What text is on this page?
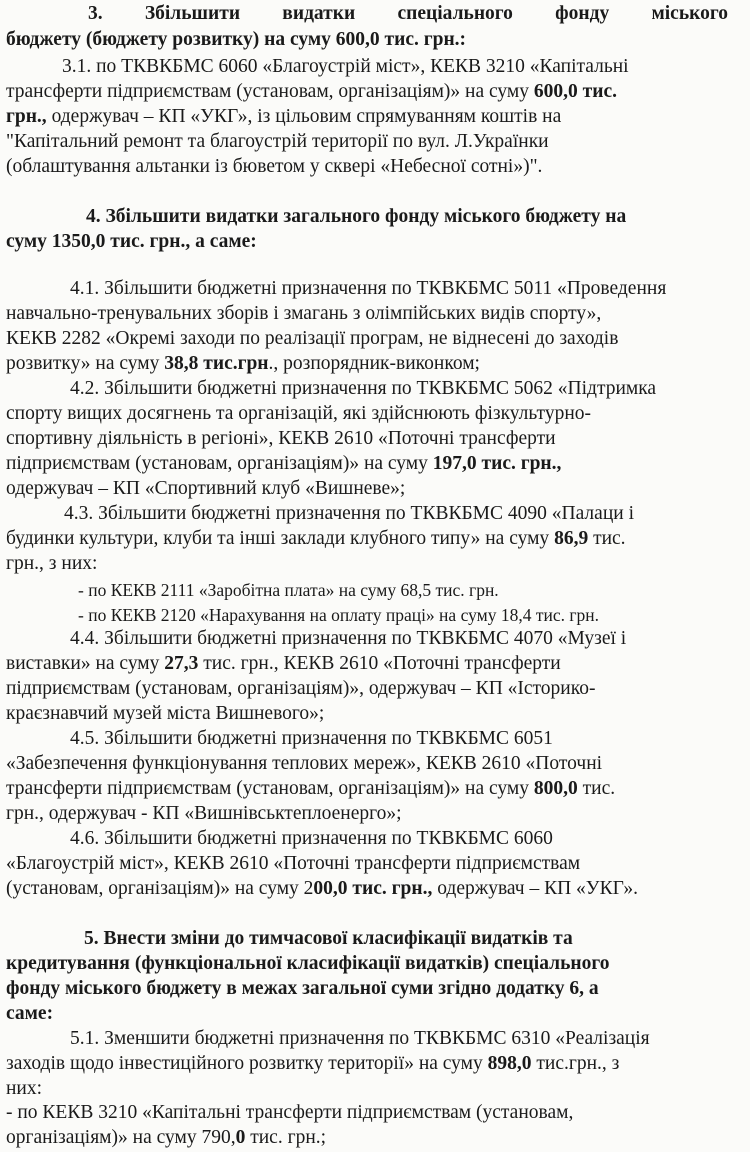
3. Збільшити видатки спеціального фонду міського
бюджету (бюджету розвитку) на суму 600,0 тис. грн.:
3.1. по ТКВКБМС 6060 «Благоустрій міст», КЕКВ 3210 «Капітальні
трансферти підприємствам (установам, організаціям)» на суму 600,0 тис.
грн., одержувач – КП «УКГ», із цільовим спрямуванням коштів на
"Капітальний ремонт та благоустрій території по вул. Л.Українки
(облаштування альтанки із бюветом у сквері «Небесної сотні»)".
4. Збільшити видатки загального фонду міського бюджету на
суму 1350,0 тис. грн., а саме:
4.1. Збільшити бюджетні призначення по ТКВКБМС 5011 «Проведення
навчально-тренувальних зборів і змагань з олімпійських видів спорту»,
КЕКВ 2282 «Окремі заходи по реалізації програм, не віднесені до заходів
розвитку» на суму 38,8 тис.грн., розпорядник-виконком;
4.2. Збільшити бюджетні призначення по ТКВКБМС 5062 «Підтримка
спорту вищих досягнень та організацій, які здійснюють фізкультурно-
спортивну діяльність в регіоні», КЕКВ 2610 «Поточні трансферти
підприємствам (установам, організаціям)» на суму 197,0 тис. грн.,
одержувач – КП «Спортивний клуб «Вишневе»;
4.3. Збільшити бюджетні призначення по ТКВКБМС 4090 «Палаци і
будинки культури, клуби та інші заклади клубного типу» на суму 86,9 тис.
грн., з них:
- по КЕКВ 2111 «Заробітна плата» на суму 68,5 тис. грн.
- по КЕКВ 2120 «Нарахування на оплату праці» на суму 18,4 тис. грн.
4.4. Збільшити бюджетні призначення по ТКВКБМС 4070 «Музеї і
виставки» на суму 27,3 тис. грн., КЕКВ 2610 «Поточні трансферти
підприємствам (установам, організаціям)», одержувач – КП «Історико-
краєзнавчий музей міста Вишневого»;
4.5. Збільшити бюджетні призначення по ТКВКБМС 6051
«Забезпечення функціонування теплових мереж», КЕКВ 2610 «Поточні
трансферти підприємствам (установам, організаціям)» на суму 800,0 тис.
грн., одержувач - КП «Вишнівськтеплоенерго»;
4.6. Збільшити бюджетні призначення по ТКВКБМС 6060
«Благоустрій міст», КЕКВ 2610 «Поточні трансферти підприємствам
(установам, організаціям)» на суму 200,0 тис. грн., одержувач – КП «УКГ».
5. Внести зміни до тимчасової класифікації видатків та
кредитування (функціональної класифікації видатків) спеціального
фонду міського бюджету в межах загальної суми згідно додатку 6, а
саме:
5.1. Зменшити бюджетні призначення по ТКВКБМС 6310 «Реалізація
заходів щодо інвестиційного розвитку території» на суму 898,0 тис.грн., з
них:
- по КЕКВ 3210 «Капітальні трансферти підприємствам (установам,
організаціям)» на суму 790,0 тис. грн.;
